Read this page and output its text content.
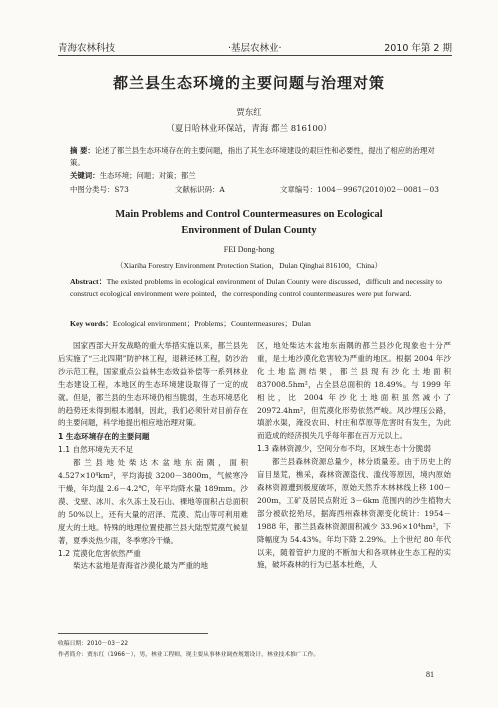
青海农林科技	·基层农林业·	2010 年第 2 期
都兰县生态环境的主要问题与治理对策
贾东红
（夏日哈林业环保站，青海 都兰 816100）
摘 要：论述了都兰县生态环境存在的主要问题，指出了其生态环境建设的艰巨性和必要性，提出了相应的治理对策。
关键词：生态环境；问题；对策；都兰
中图分类号：S73	文献标识码：A	文章编号：1004－9967(2010)02－0081－03
Main Problems and Control Countermeasures on Ecological
Environment of Dulan County
FEI Dong-hong
（Xiariha Forestry Environment Protection Station，Dulan Qinghai 816100，China）
Abstract：The existed problems in ecological environment of Dulan County were discussed，difficult and necessity to construct ecological environment were pointed，the corresponding control countermeasures were put forward.
Key words：Ecological environment；Problems；Countermeasures；Dulan

国家西部大开发战略的重大举措实施以来，都兰县先后实施了“三北四期”防护林工程，退耕还林工程，防沙治沙示范工程，国家重点公益林生态效益补偿等一系列林业生态建设工程，本地区的生态环境建设取得了一定的成就。但是，都兰县的生态环境仍相当脆弱，生态环境恶化的趋势还未得到根本遏制，因此，我们必须针对目前存在的主要问题，科学地提出相应地治理对策。

1 生态环境存在的主要问题

1.1 自然环境先天不足

都兰县地处柴达木盆地东南隅，面积 4.527×10⁴km²，平均海拔 3200－3800m，气候寒冷干燥，年均温 2.6－4.2℃，年平均降水量 189mm。沙漠、戈壁、冰川、永久冻土及石山、裸地等面积占总面积的 50%以上，还有大量的沼泽、荒漠、荒山等可利用难度大的土地。特殊的地理位置使都兰县大陆型荒漠气候显著，夏季炎热少雨，冬季寒冷干燥。

1.2 荒漠化危害依然严重

柴达木盆地是青海省沙漠化最为严重的地

区，地处柴达木盆地东南隅的都兰县沙化现象也十分严重，是土地沙漠化危害较为严重的地区。根据 2004 年沙化土地监测结果，都兰县现有沙化土地面积 837008.5hm²，占全县总面积的 18.49%。与 1999 年相比，比 2004 年沙化土地面积虽然减小了 20972.4hm²，但荒漠化形势依然严峻。风沙埋压公路，填淤水渠，淹没农田、村庄和草原等危害时有发生，为此而造成的经济损失几乎每年都在百万元以上。

1.3 森林资源少，空间分布不均，区域生态十分脆弱

都兰县森林资源总量少，林分质量差。由于历史上的盲目垦荒，樵采，森林资源盗伐、滥伐等原因，境内原始森林资源遭到极度破坏，原始天然乔木林林线上移 100－200m，工矿及居民点附近 3－6km 范围内的沙生植物大部分被砍挖殆尽，据海西州森林资源变化统计：1954－1988 年，都兰县森林资源面积减少 33.96×10⁴hm²，下降幅度为 54.43%。年均下降 2.29%。上个世纪 80 年代以来，随着管护力度的不断加大和各项林业生态工程的实施，破坏森林的行为已基本杜绝，人

收稿日期：2010－03－22
作者简介：贾东红（1966－），男，林业工程师，现主要从事林业调查规划设计，林业技术推广工作。
81
